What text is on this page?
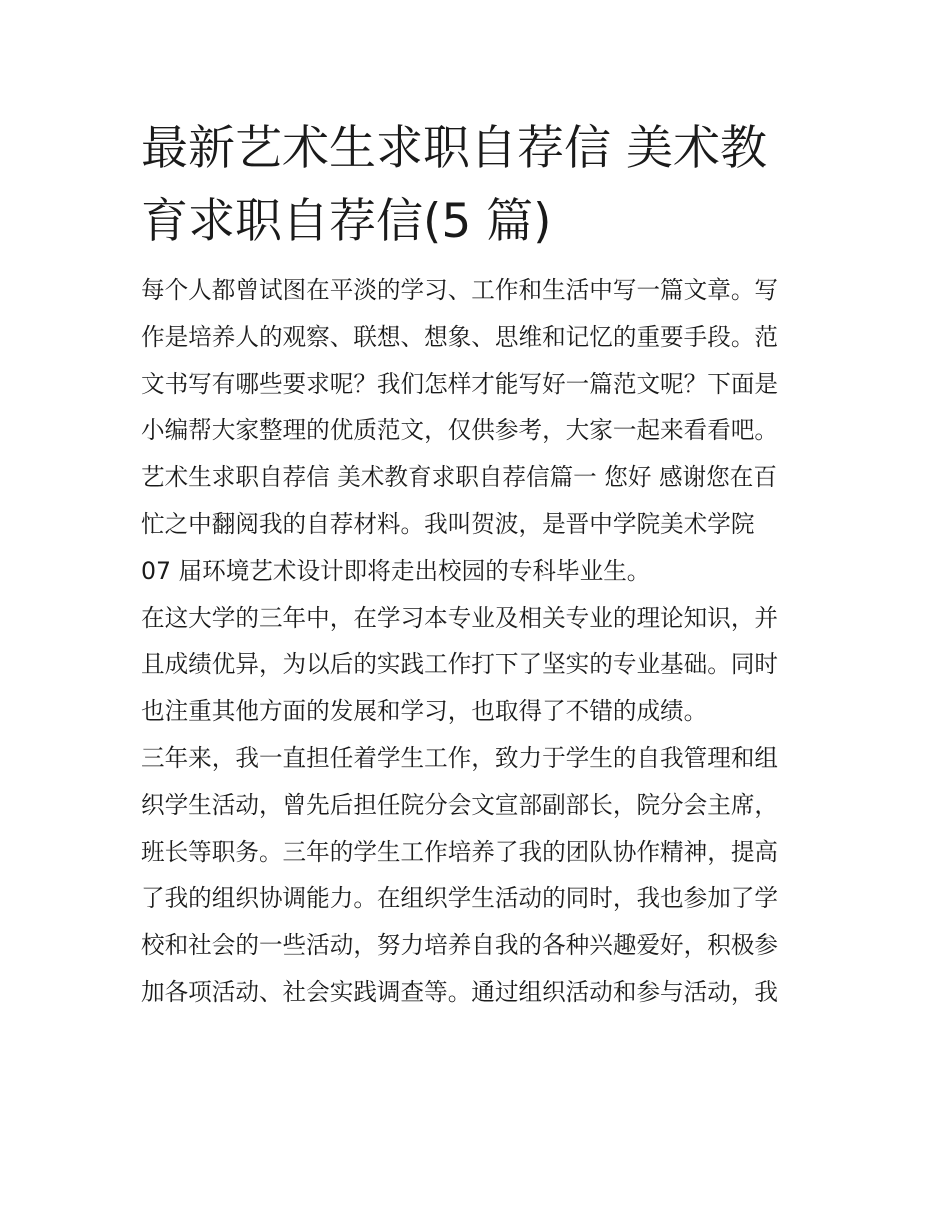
最新艺术生求职自荐信 美术教
育求职自荐信(5 篇)
每个人都曾试图在平淡的学习、工作和生活中写一篇文章。写
作是培养人的观察、联想、想象、思维和记忆的重要手段。范
文书写有哪些要求呢？我们怎样才能写好一篇范文呢？下面是
小编帮大家整理的优质范文，仅供参考，大家一起来看看吧。
艺术生求职自荐信 美术教育求职自荐信篇一 您好 感谢您在百
忙之中翻阅我的自荐材料。我叫贺波，是晋中学院美术学院
07 届环境艺术设计即将走出校园的专科毕业生。
在这大学的三年中，在学习本专业及相关专业的理论知识，并
且成绩优异，为以后的实践工作打下了坚实的专业基础。同时
也注重其他方面的发展和学习，也取得了不错的成绩。
三年来，我一直担任着学生工作，致力于学生的自我管理和组
织学生活动，曾先后担任院分会文宣部副部长，院分会主席，
班长等职务。三年的学生工作培养了我的团队协作精神，提高
了我的组织协调能力。在组织学生活动的同时，我也参加了学
校和社会的一些活动，努力培养自我的各种兴趣爱好，积极参
加各项活动、社会实践调查等。通过组织活动和参与活动，我
